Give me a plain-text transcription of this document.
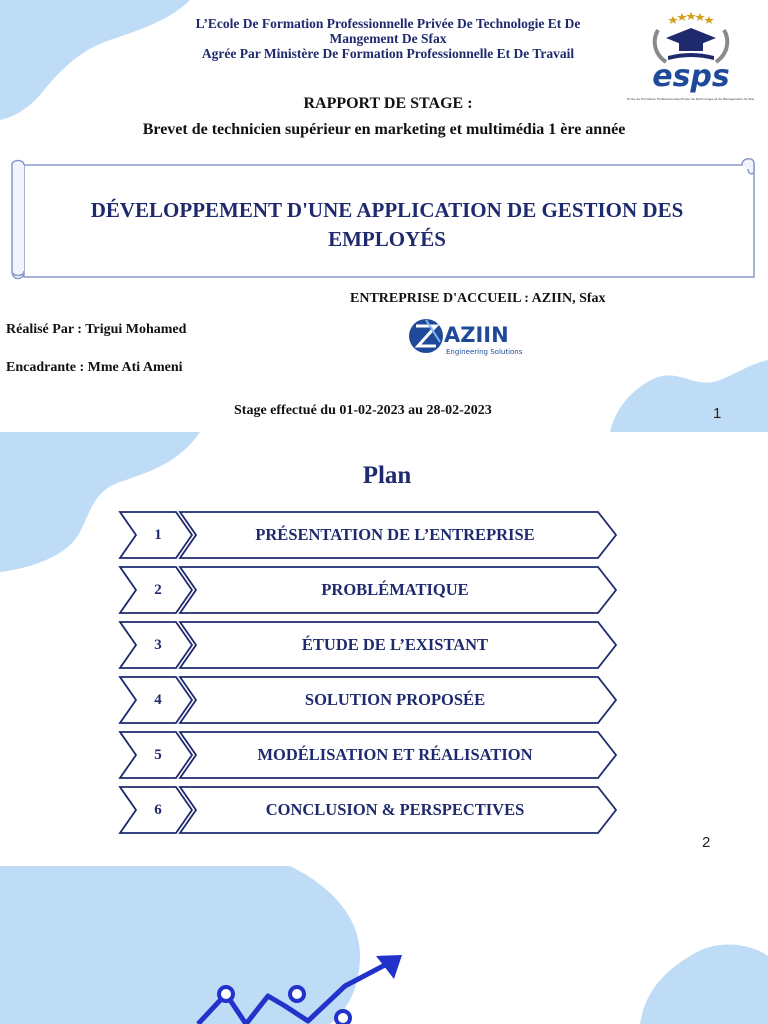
L’Ecole De Formation Professionnelle Privée De Technologie Et De
Mangement De Sfax
Agrée Par Ministère De Formation Professionnelle Et De Travail
esps
Ecole de Formation Professionnelle Privée de Technologie et de Management de Sfax
RAPPORT DE STAGE :
Brevet de technicien supérieur en marketing et multimédia 1 ère année
DÉVELOPPEMENT D'UNE APPLICATION DE GESTION DES
EMPLOYÉS
ENTREPRISE D'ACCUEIL : AZIIN, Sfax
Réalisé Par : Trigui Mohamed
Encadrante : Mme Ati Ameni
AZIIN
Engineering Solutions
Stage effectué du 01-02-2023 au 28-02-2023	1
Plan
1	PRÉSENTATION DE L’ENTREPRISE
2	PROBLÉMATIQUE
3	ÉTUDE DE L’EXISTANT
4	SOLUTION PROPOSÉE
5	MODÉLISATION ET RÉALISATION
6	CONCLUSION & PERSPECTIVES
2
